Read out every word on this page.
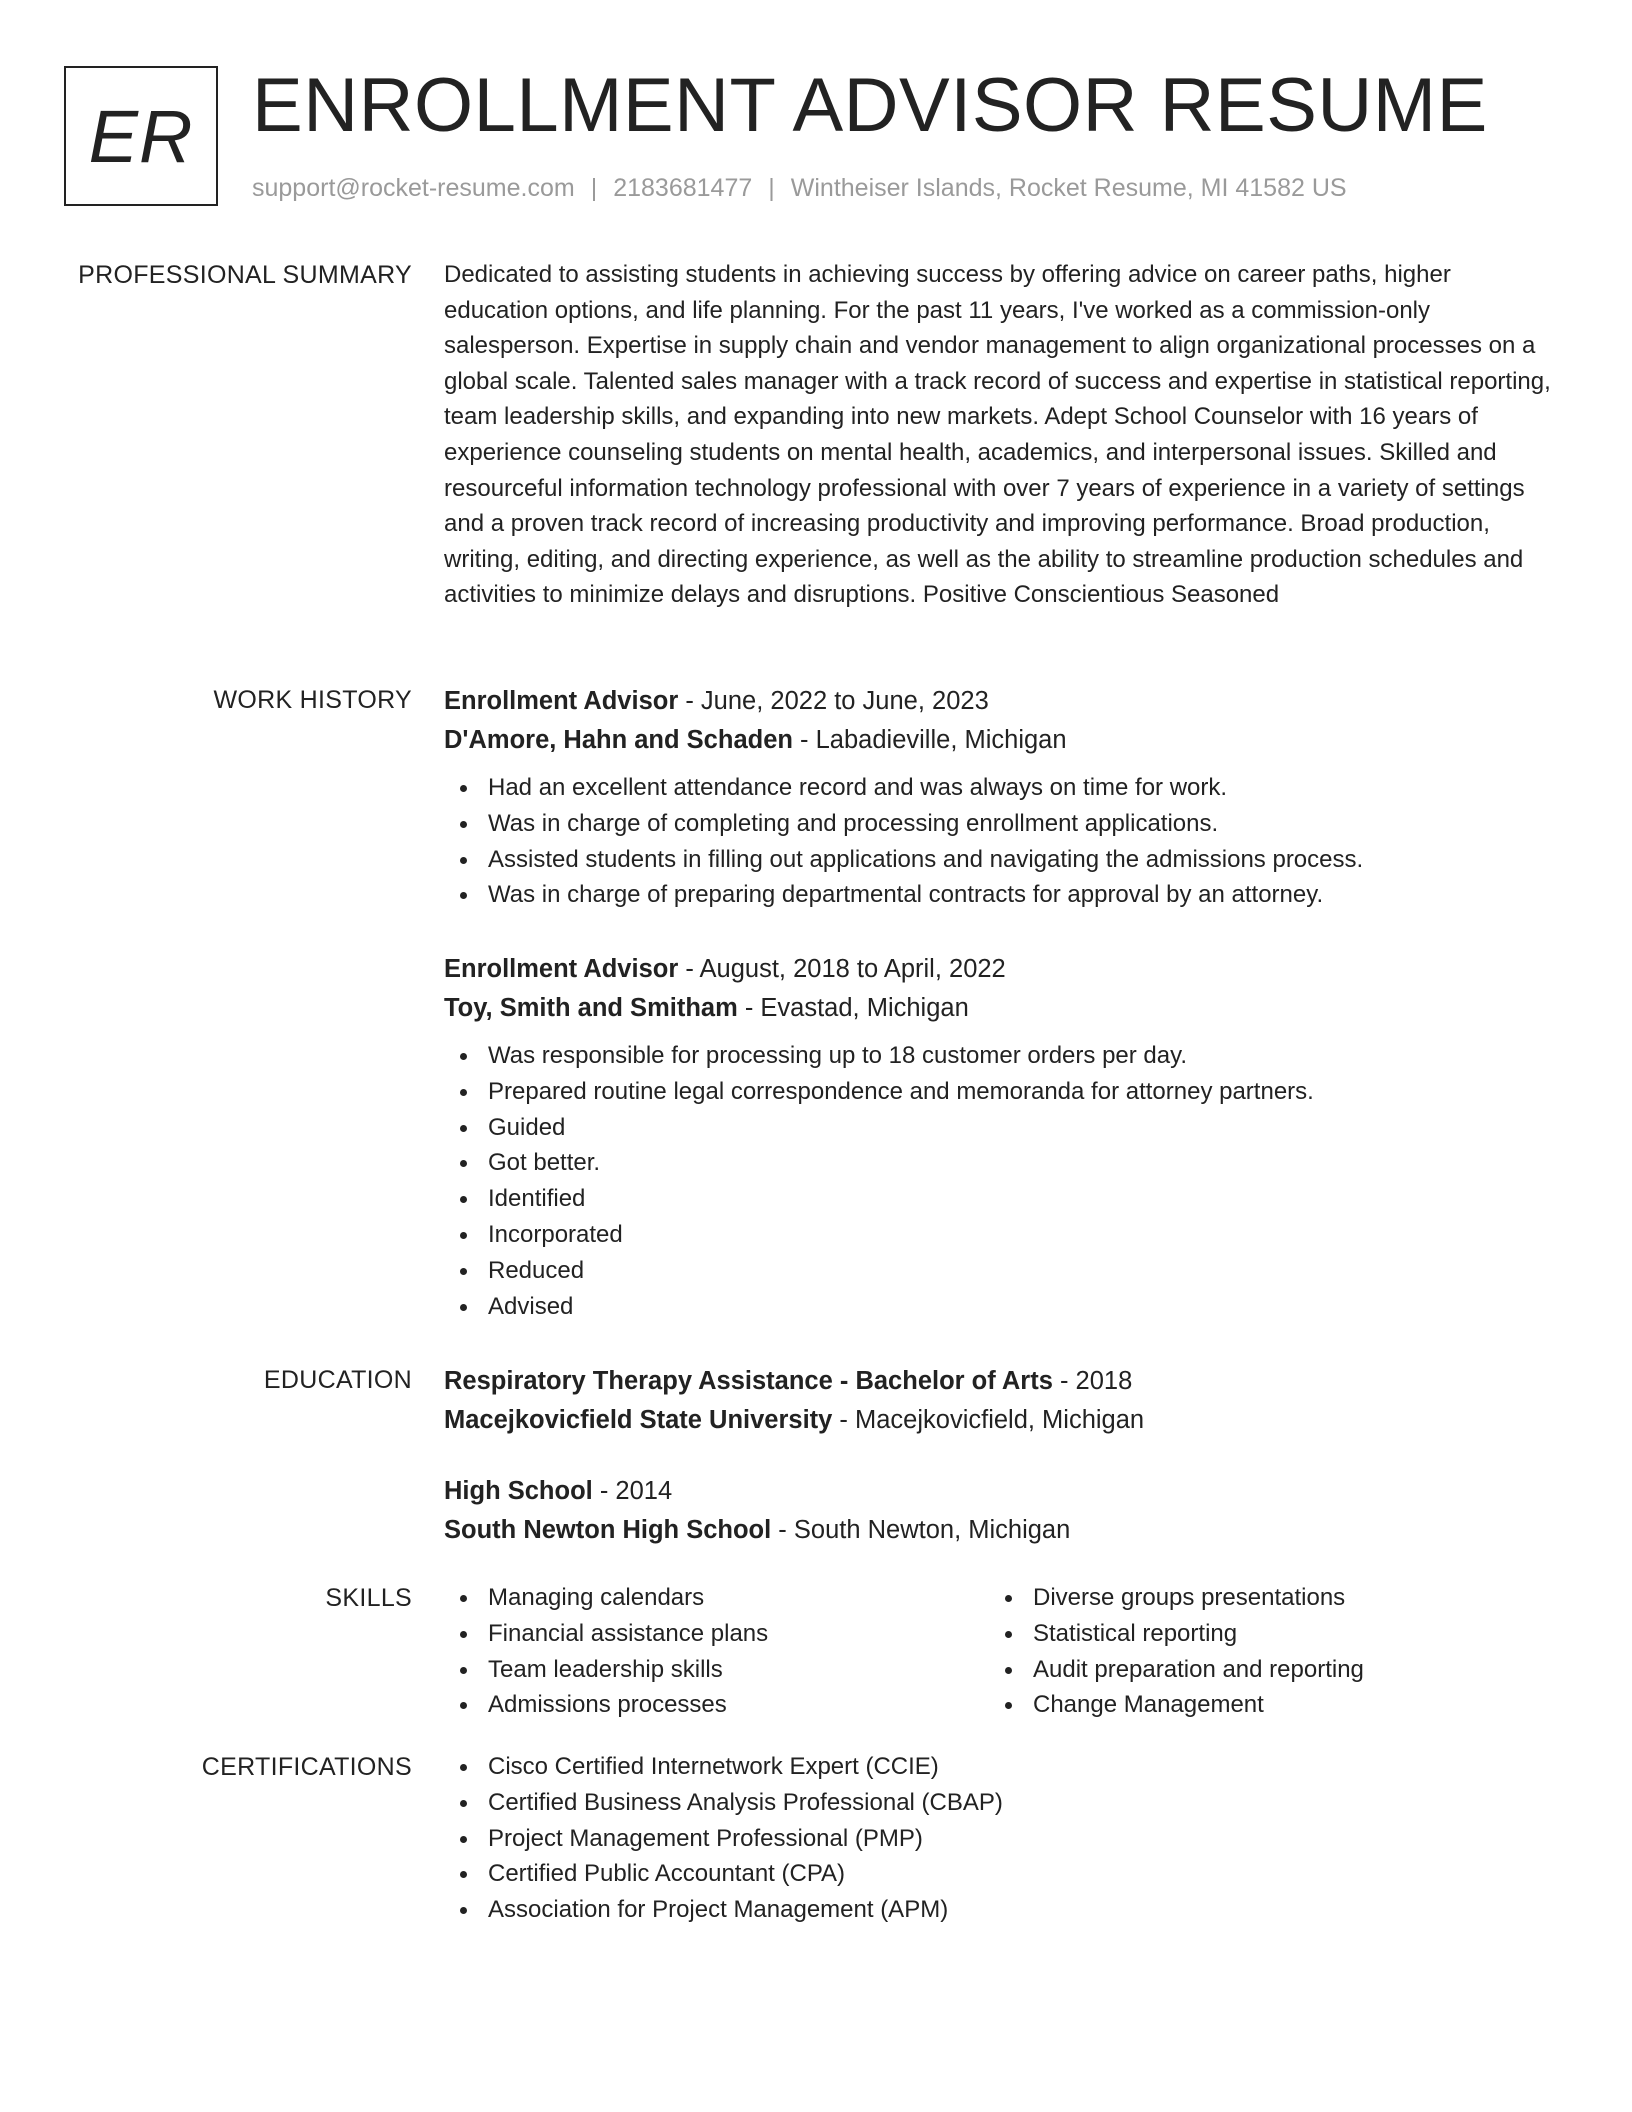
ER ENROLLMENT ADVISOR RESUME
support@rocket-resume.com | 2183681477 | Wintheiser Islands, Rocket Resume, MI 41582 US
PROFESSIONAL SUMMARY Dedicated to assisting students in achieving success by offering advice on career paths, higher education options, and life planning. For the past 11 years, I've worked as a commission-only salesperson. Expertise in supply chain and vendor management to align organizational processes on a global scale. Talented sales manager with a track record of success and expertise in statistical reporting, team leadership skills, and expanding into new markets. Adept School Counselor with 16 years of experience counseling students on mental health, academics, and interpersonal issues. Skilled and resourceful information technology professional with over 7 years of experience in a variety of settings and a proven track record of increasing productivity and improving performance. Broad production, writing, editing, and directing experience, as well as the ability to streamline production schedules and activities to minimize delays and disruptions. Positive Conscientious Seasoned

WORK HISTORY Enrollment Advisor - June, 2022 to June, 2023
D'Amore, Hahn and Schaden - Labadieville, Michigan
Had an excellent attendance record and was always on time for work.
Was in charge of completing and processing enrollment applications.
Assisted students in filling out applications and navigating the admissions process.
Was in charge of preparing departmental contracts for approval by an attorney.
Enrollment Advisor - August, 2018 to April, 2022
Toy, Smith and Smitham - Evastad, Michigan
Was responsible for processing up to 18 customer orders per day.
Prepared routine legal correspondence and memoranda for attorney partners.
Guided
Got better.
Identified
Incorporated
Reduced
Advised
EDUCATION Respiratory Therapy Assistance - Bachelor of Arts - 2018
Macejkovicfield State University - Macejkovicfield, Michigan
High School - 2014
South Newton High School - South Newton, Michigan
SKILLS	Managing calendars
Financial assistance plans
Team leadership skills
Admissions processes
Diverse groups presentations
Statistical reporting
Audit preparation and reporting
Change Management
CERTIFICATIONS	Cisco Certified Internetwork Expert (CCIE)
Certified Business Analysis Professional (CBAP)
Project Management Professional (PMP)
Certified Public Accountant (CPA)
Association for Project Management (APM)
